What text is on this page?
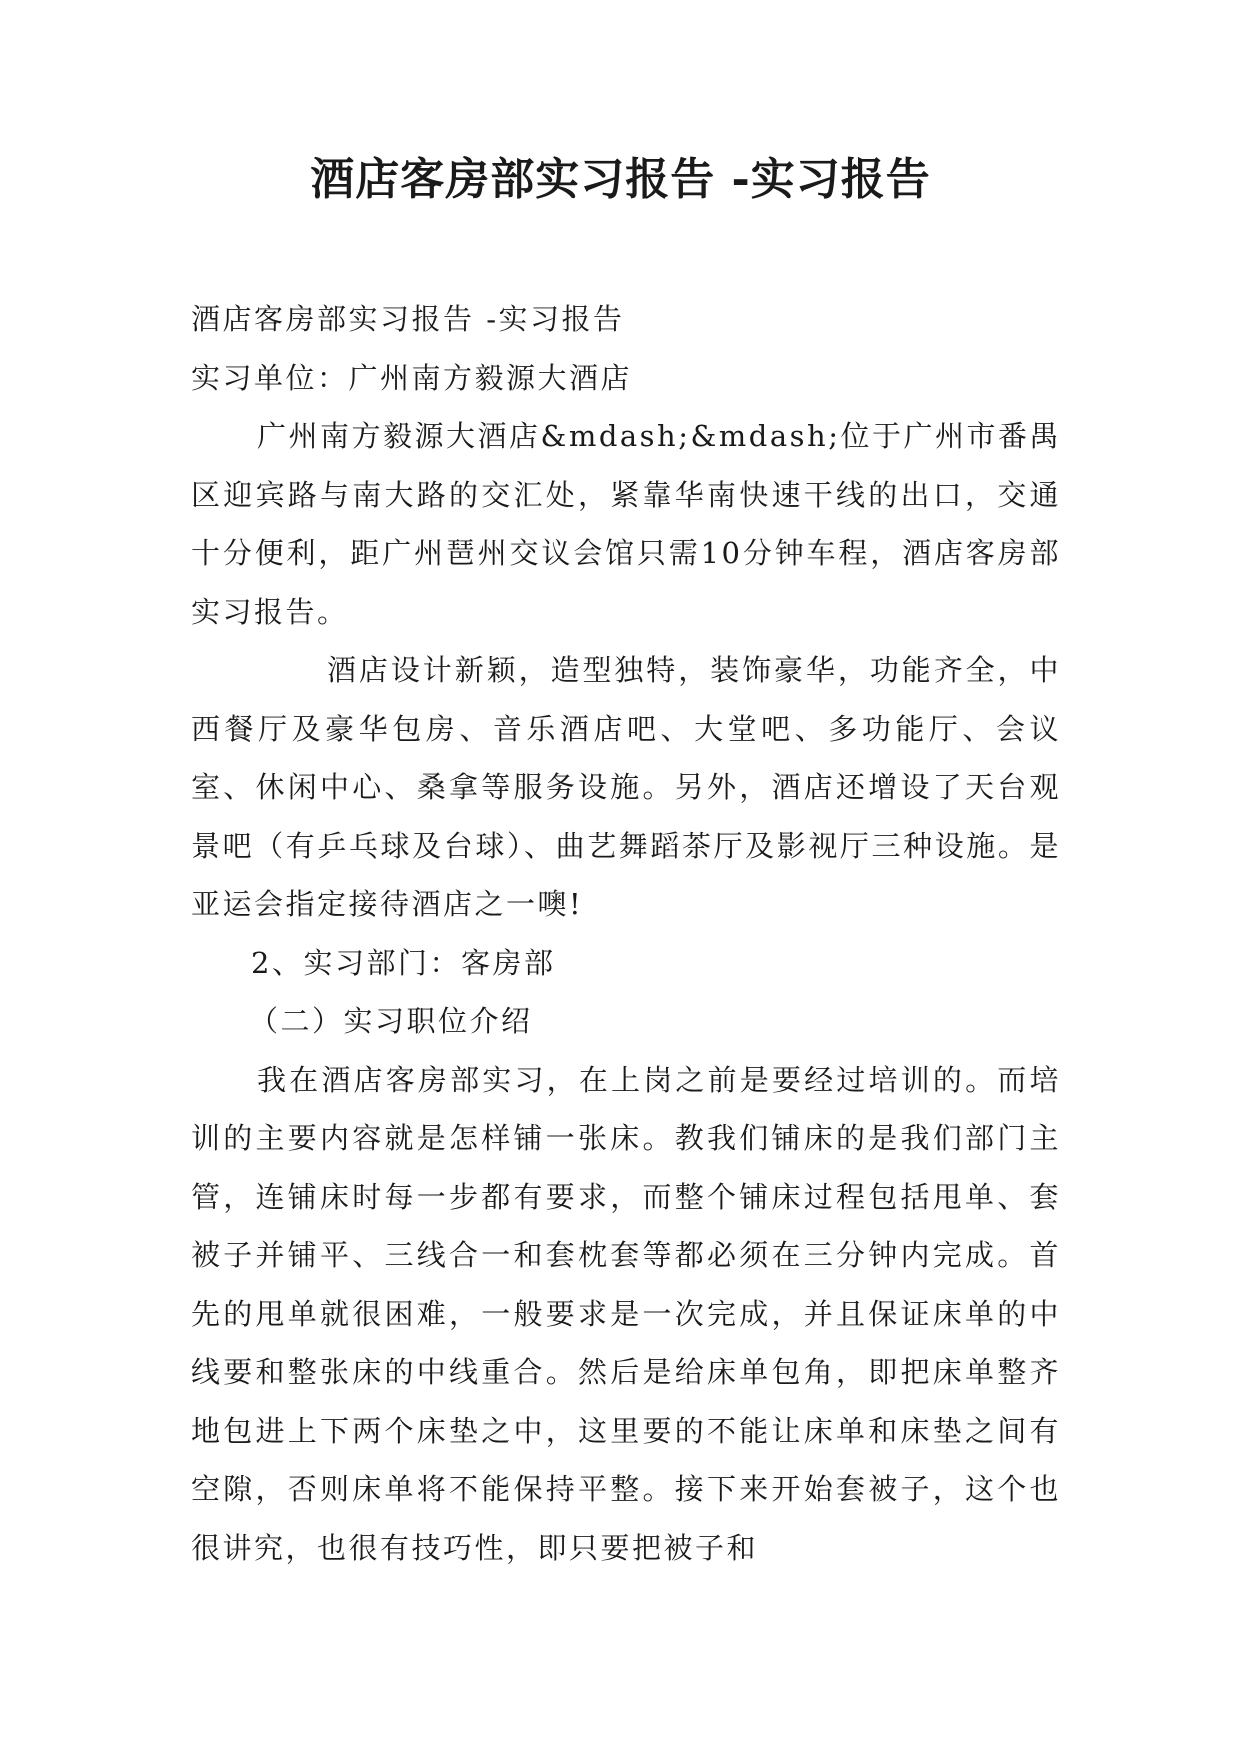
酒店客房部实习报告 -实习报告

酒店客房部实习报告 -实习报告

实习单位：广州南方毅源大酒店

广州南方毅源大酒店&mdash;&mdash;位于广州市番禺区迎宾路与南大路的交汇处，紧靠华南快速干线的出口，交通十分便利，距广州琶州交议会馆只需10分钟车程，酒店客房部实习报告。

酒店设计新颖，造型独特，装饰豪华，功能齐全，中西餐厅及豪华包房、音乐酒店吧、大堂吧、多功能厅、会议室、休闲中心、桑拿等服务设施。另外，酒店还增设了天台观景吧（有乒乓球及台球）、曲艺舞蹈茶厅及影视厅三种设施。是亚运会指定接待酒店之一噢!

2、实习部门：客房部

（二）实习职位介绍

我在酒店客房部实习，在上岗之前是要经过培训的。而培训的主要内容就是怎样铺一张床。教我们铺床的是我们部门主管，连铺床时每一步都有要求，而整个铺床过程包括甩单、套被子并铺平、三线合一和套枕套等都必须在三分钟内完成。首先的甩单就很困难，一般要求是一次完成，并且保证床单的中线要和整张床的中线重合。然后是给床单包角，即把床单整齐地包进上下两个床垫之中，这里要的不能让床单和床垫之间有空隙，否则床单将不能保持平整。接下来开始套被子，这个也很讲究，也很有技巧性，即只要把被子和
